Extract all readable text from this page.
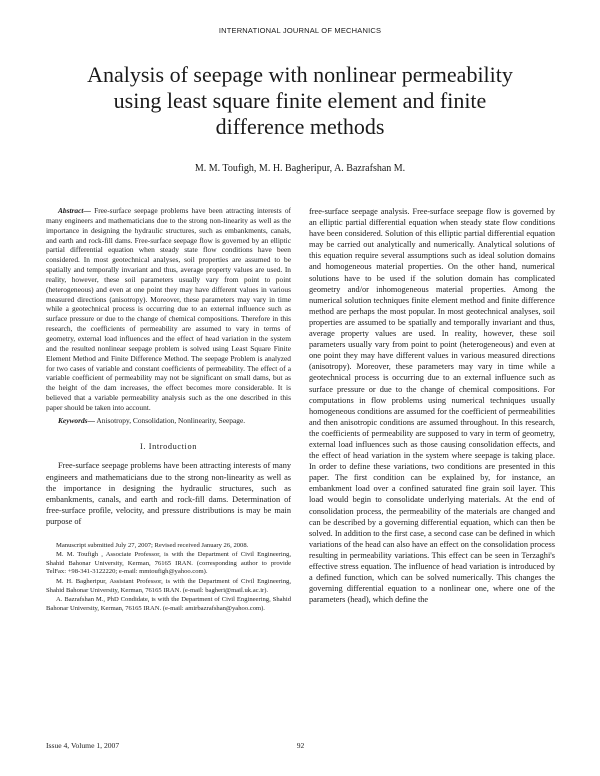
INTERNATIONAL JOURNAL OF MECHANICS
Analysis of seepage with nonlinear permeability
using least square finite element and finite
difference methods
M. M. Toufigh, M. H. Bagheripur, A. Bazrafshan M.

Abstract— Free-surface seepage problems have been attracting interests of many engineers and mathematicians due to the strong non-linearity as well as the importance in designing the hydraulic structures, such as embankments, canals, and earth and rock-fill dams. Free-surface seepage flow is governed by an elliptic partial differential equation when steady state flow conditions have been considered. In most geotechnical analyses, soil properties are assumed to be spatially and temporally invariant and thus, average property values are used. In reality, however, these soil parameters usually vary from point to point (heterogeneous) and even at one point they may have different values in various measured directions (anisotropy). Moreover, these parameters may vary in time while a geotechnical process is occurring due to an external influence such as surface pressure or due to the change of chemical compositions. Therefore in this research, the coefficients of permeability are assumed to vary in terms of geometry, external load influences and the effect of head variation in the system and the resulted nonlinear seepage problem is solved using Least Square Finite Element Method and Finite Difference Method. The seepage Problem is analyzed for two cases of variable and constant coefficients of permeability. The effect of a variable coefficient of permeability may not be significant on small dams, but as the height of the dam increases, the effect becomes more considerable. It is believed that a variable permeability analysis such as the one described in this paper should be taken into account.

Keywords— Anisotropy, Consolidation, Nonlinearity, Seepage.

I. Introduction

Free-surface seepage problems have been attracting interests of many engineers and mathematicians due to the strong non-linearity as well as the importance in designing the hydraulic structures, such as embankments, canals, and earth and rock-fill dams. Determination of free-surface profile, velocity, and pressure distributions is may be main purpose of

Manuscript submitted July 27, 2007; Revised received January 26, 2008.

M. M. Toufigh , Associate Professor, is with the Department of Civil Engineering, Shahid Bahonar University, Kerman, 76165 IRAN. (corresponding author to provide TelFax: +98-341-3122220; e-mail: mmtoufigh@yahoo.com).

M. H. Bagheripur, Assistant Professor, is with the Department of Civil Engineering, Shahid Bahonar University, Kerman, 76165 IRAN. (e-mail: bagheri@mail.uk.ac.ir).

A. Bazrafshan M., PhD Condidate, is with the Department of Civil Engineering, Shahid Bahonar University, Kerman, 76165 IRAN. (e-mail: amirbazrafshan@yahoo.com).

free-surface seepage analysis. Free-surface seepage flow is governed by an elliptic partial differential equation when steady state flow conditions have been considered. Solution of this elliptic partial differential equation may be carried out analytically and numerically. Analytical solutions of this equation require several assumptions such as ideal solution domains and homogeneous material properties. On the other hand, numerical solutions have to be used if the solution domain has complicated geometry and/or inhomogeneous material properties. Among the numerical solution techniques finite element method and finite difference method are perhaps the most popular. In most geotechnical analyses, soil properties are assumed to be spatially and temporally invariant and thus, average property values are used. In reality, however, these soil parameters usually vary from point to point (heterogeneous) and even at one point they may have different values in various measured directions (anisotropy). Moreover, these parameters may vary in time while a geotechnical process is occurring due to an external influence such as surface pressure or due to the change of chemical compositions. For computations in flow problems using numerical techniques usually homogeneous conditions are assumed for the coefficient of permeabilities and then anisotropic conditions are assumed throughout. In this research, the coefficients of permeability are supposed to vary in term of geometry, external load influences such as those causing consolidation effects, and the effect of head variation in the system where seepage is taking place. In order to define these variations, two conditions are presented in this paper. The first condition can be explained by, for instance, an embankment load over a confined saturated fine grain soil layer. This load would begin to consolidate underlying materials. At the end of consolidation process, the permeability of the materials are changed and can be described by a governing differential equation, which can then be solved. In addition to the first case, a second case can be defined in which variations of the head can also have an effect on the consolidation process resulting in permeability variations. This effect can be seen in Terzaghi's effective stress equation. The influence of head variation is introduced by a defined function, which can be solved numerically. This changes the governing differential equation to a nonlinear one, where one of the parameters (head), which define the

Issue 4, Volume 1, 2007	92
